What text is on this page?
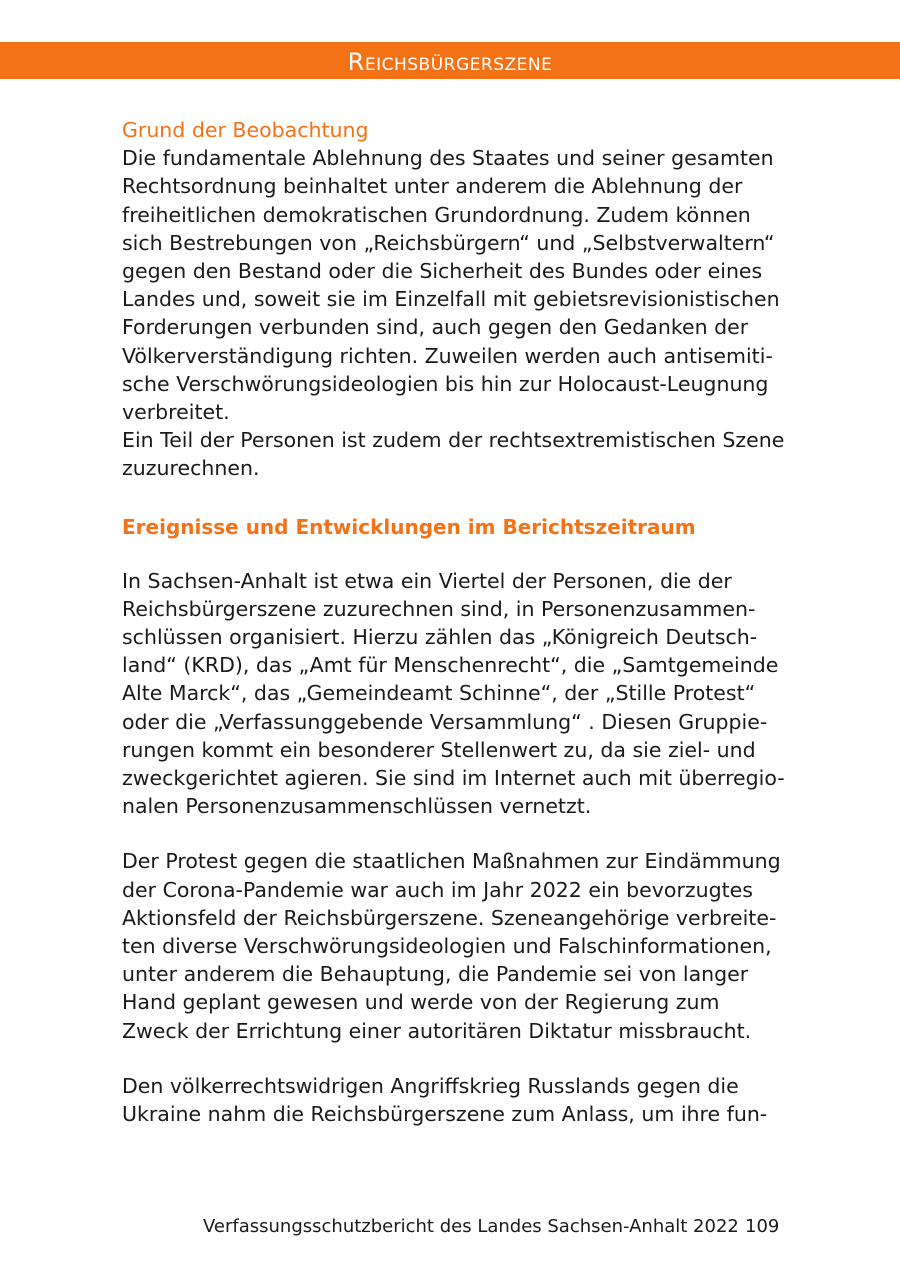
Reichsbürgerszene
Grund der Beobachtung

Die fundamentale Ablehnung des Staates und seiner gesamten
Rechtsordnung beinhaltet unter anderem die Ablehnung der
freiheitlichen demokratischen Grundordnung. Zudem können
sich Bestrebungen von „Reichsbürgern“ und „Selbstverwaltern“
gegen den Bestand oder die Sicherheit des Bundes oder eines
Landes und, soweit sie im Einzelfall mit gebietsrevisionistischen
Forderungen verbunden sind, auch gegen den Gedanken der
Völkerverständigung richten. Zuweilen werden auch antisemiti-
sche Verschwörungsideologien bis hin zur Holocaust-Leugnung
verbreitet.
Ein Teil der Personen ist zudem der rechtsextremistischen Szene
zuzurechnen.

Ereignisse und Entwicklungen im Berichtszeitraum

In Sachsen-Anhalt ist etwa ein Viertel der Personen, die der
Reichsbürgerszene zuzurechnen sind, in Personenzusammen-
schlüssen organisiert. Hierzu zählen das „Königreich Deutsch-
land“ (KRD), das „Amt für Menschenrecht“, die „Samtgemeinde
Alte Marck“, das „Gemeindeamt Schinne“, der „Stille Protest“
oder die „Verfassunggebende Versammlung“ . Diesen Gruppie-
rungen kommt ein besonderer Stellenwert zu, da sie ziel- und
zweckgerichtet agieren. Sie sind im Internet auch mit überregio-
nalen Personenzusammenschlüssen vernetzt.

Der Protest gegen die staatlichen Maßnahmen zur Eindämmung
der Corona-Pandemie war auch im Jahr 2022 ein bevorzugtes
Aktionsfeld der Reichsbürgerszene. Szeneangehörige verbreite-
ten diverse Verschwörungsideologien und Falschinformationen,
unter anderem die Behauptung, die Pandemie sei von langer
Hand geplant gewesen und werde von der Regierung zum
Zweck der Errichtung einer autoritären Diktatur missbraucht.

Den völkerrechtswidrigen Angriffskrieg Russlands gegen die
Ukraine nahm die Reichsbürgerszene zum Anlass, um ihre fun-

Verfassungsschutzbericht des Landes Sachsen-Anhalt 2022 109
